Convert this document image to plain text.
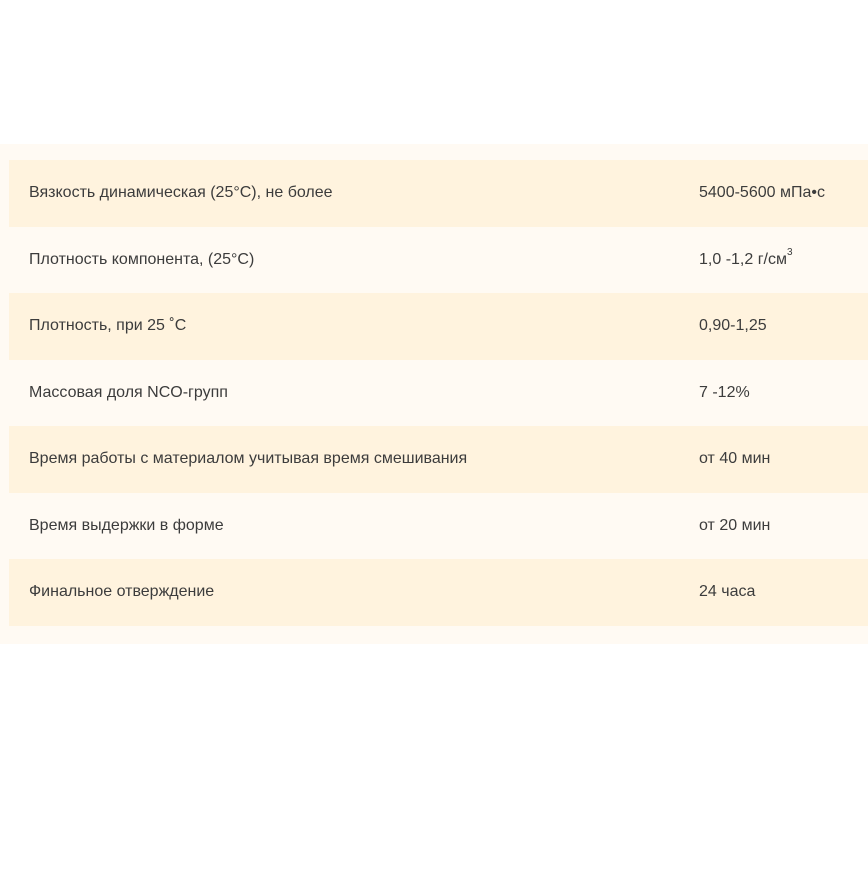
Вязкость динамическая (25°С), не более	5400-5600 мПа•с
Плотность компонента, (25°С)	1,0 -1,2 $г/см^3$
Плотность, при 25 ˚С	0,90-1,25
Массовая доля NCO-групп	7 -12%
Время работы с материалом учитывая время смешивания	от 40 мин
Время выдержки в форме	от 20 мин
Финальное отверждение	24 часа
